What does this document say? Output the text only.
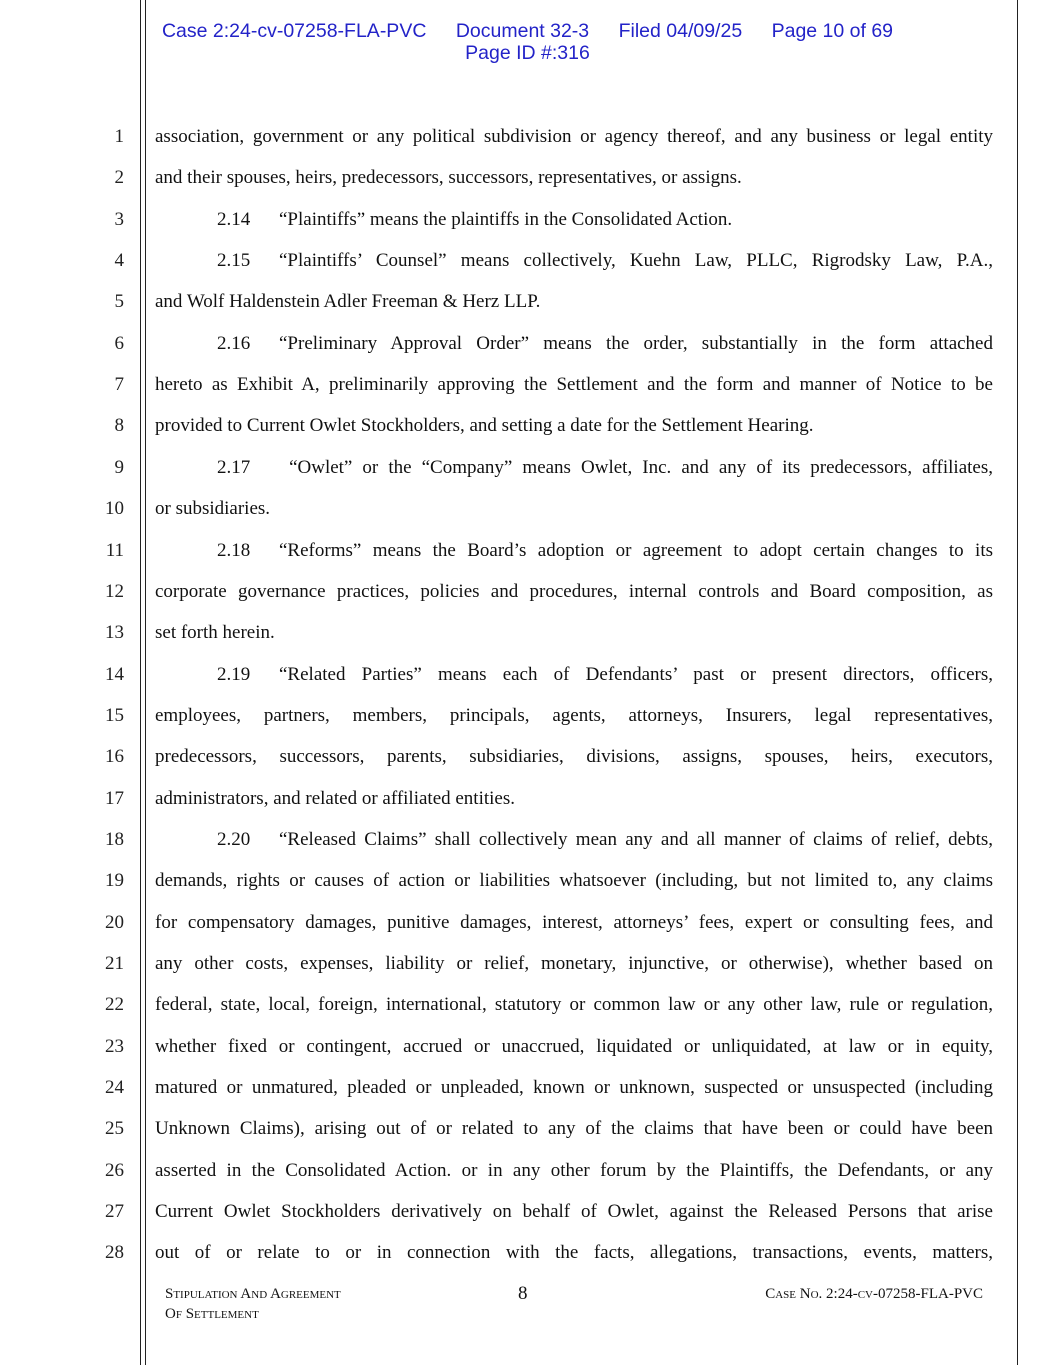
Case 2:24-cv-07258-FLA-PVC Document 32-3 Filed 04/09/25 Page 10 of 69
Page ID #:316
1
2
3
4
5
6
7
8
9
10
11
12
13
14
15
16
17
18
19
20
21
22
23
24
25
26
27
28
association, government or any political subdivision or agency thereof, and any business or legal entity
and their spouses, heirs, predecessors, successors, representatives, or assigns.
2.14 “Plaintiffs” means the plaintiffs in the Consolidated Action.
2.15 “Plaintiffs’ Counsel” means collectively, Kuehn Law, PLLC, Rigrodsky Law, P.A.,
and Wolf Haldenstein Adler Freeman & Herz LLP.
2.16 “Preliminary Approval Order” means the order, substantially in the form attached
hereto as Exhibit A, preliminarily approving the Settlement and the form and manner of Notice to be
provided to Current Owlet Stockholders, and setting a date for the Settlement Hearing.
2.17 “Owlet” or the “Company” means Owlet, Inc. and any of its predecessors, affiliates,
or subsidiaries.
2.18 “Reforms” means the Board’s adoption or agreement to adopt certain changes to its
corporate governance practices, policies and procedures, internal controls and Board composition, as
set forth herein.
2.19 “Related Parties” means each of Defendants’ past or present directors, officers,
employees, partners, members, principals, agents, attorneys, Insurers, legal representatives,
predecessors, successors, parents, subsidiaries, divisions, assigns, spouses, heirs, executors,
administrators, and related or affiliated entities.
2.20 “Released Claims” shall collectively mean any and all manner of claims of relief, debts,
demands, rights or causes of action or liabilities whatsoever (including, but not limited to, any claims
for compensatory damages, punitive damages, interest, attorneys’ fees, expert or consulting fees, and
any other costs, expenses, liability or relief, monetary, injunctive, or otherwise), whether based on
federal, state, local, foreign, international, statutory or common law or any other law, rule or regulation,
whether fixed or contingent, accrued or unaccrued, liquidated or unliquidated, at law or in equity,
matured or unmatured, pleaded or unpleaded, known or unknown, suspected or unsuspected (including
Unknown Claims), arising out of or related to any of the claims that have been or could have been
asserted in the Consolidated Action. or in any other forum by the Plaintiffs, the Defendants, or any
Current Owlet Stockholders derivatively on behalf of Owlet, against the Released Persons that arise
out of or relate to or in connection with the facts, allegations, transactions, events, matters,
Stipulation And Agreement
Of Settlement
8	Case No. 2:24-cv-07258-FLA-PVC
